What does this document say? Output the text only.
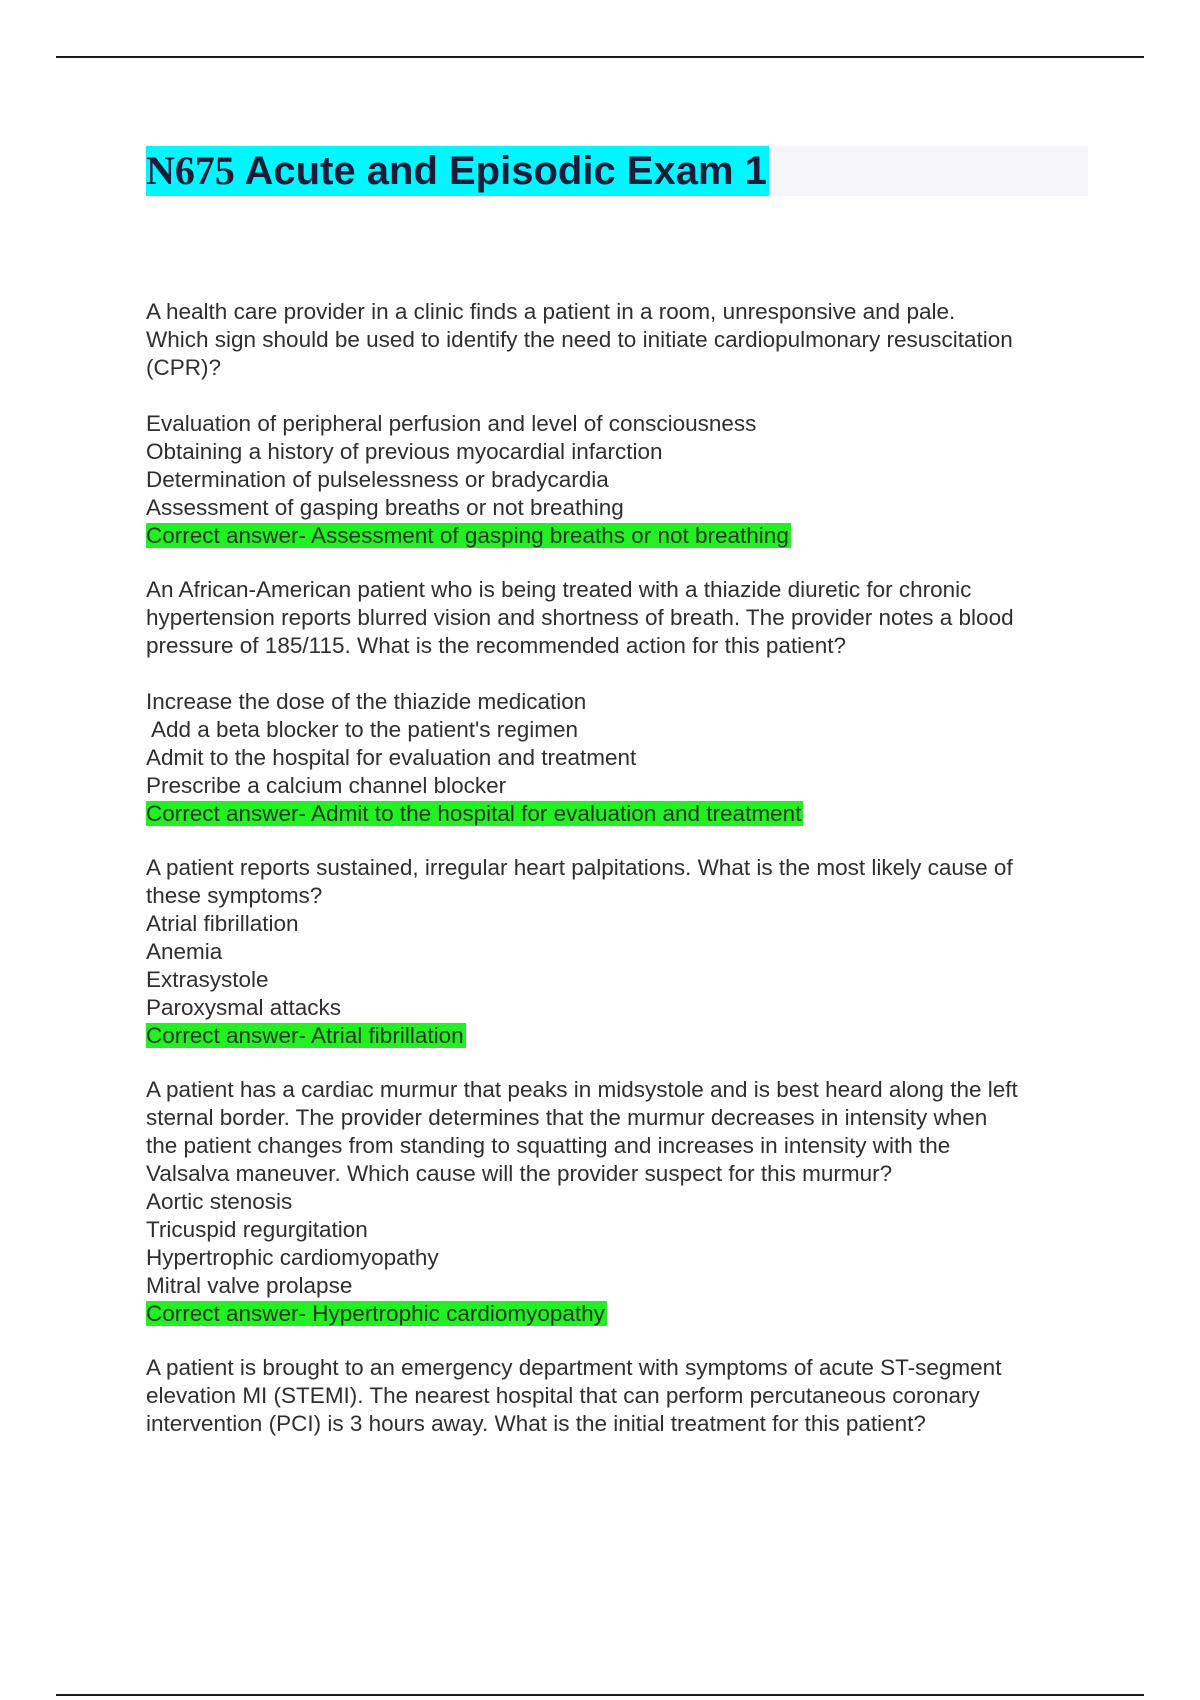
N675 Acute and Episodic Exam 1
A health care provider in a clinic finds a patient in a room, unresponsive and pale.
Which sign should be used to identify the need to initiate cardiopulmonary resuscitation
(CPR)?
Evaluation of peripheral perfusion and level of consciousness
Obtaining a history of previous myocardial infarction
Determination of pulselessness or bradycardia
Assessment of gasping breaths or not breathing
Correct answer- Assessment of gasping breaths or not breathing
An African-American patient who is being treated with a thiazide diuretic for chronic
hypertension reports blurred vision and shortness of breath. The provider notes a blood
pressure of 185/115. What is the recommended action for this patient?
Increase the dose of the thiazide medication
Add a beta blocker to the patient's regimen
Admit to the hospital for evaluation and treatment
Prescribe a calcium channel blocker
Correct answer- Admit to the hospital for evaluation and treatment
A patient reports sustained, irregular heart palpitations. What is the most likely cause of
these symptoms?
Atrial fibrillation
Anemia
Extrasystole
Paroxysmal attacks
Correct answer- Atrial fibrillation
A patient has a cardiac murmur that peaks in midsystole and is best heard along the left
sternal border. The provider determines that the murmur decreases in intensity when
the patient changes from standing to squatting and increases in intensity with the
Valsalva maneuver. Which cause will the provider suspect for this murmur?
Aortic stenosis
Tricuspid regurgitation
Hypertrophic cardiomyopathy
Mitral valve prolapse
Correct answer- Hypertrophic cardiomyopathy
A patient is brought to an emergency department with symptoms of acute ST-segment
elevation MI (STEMI). The nearest hospital that can perform percutaneous coronary
intervention (PCI) is 3 hours away. What is the initial treatment for this patient?
